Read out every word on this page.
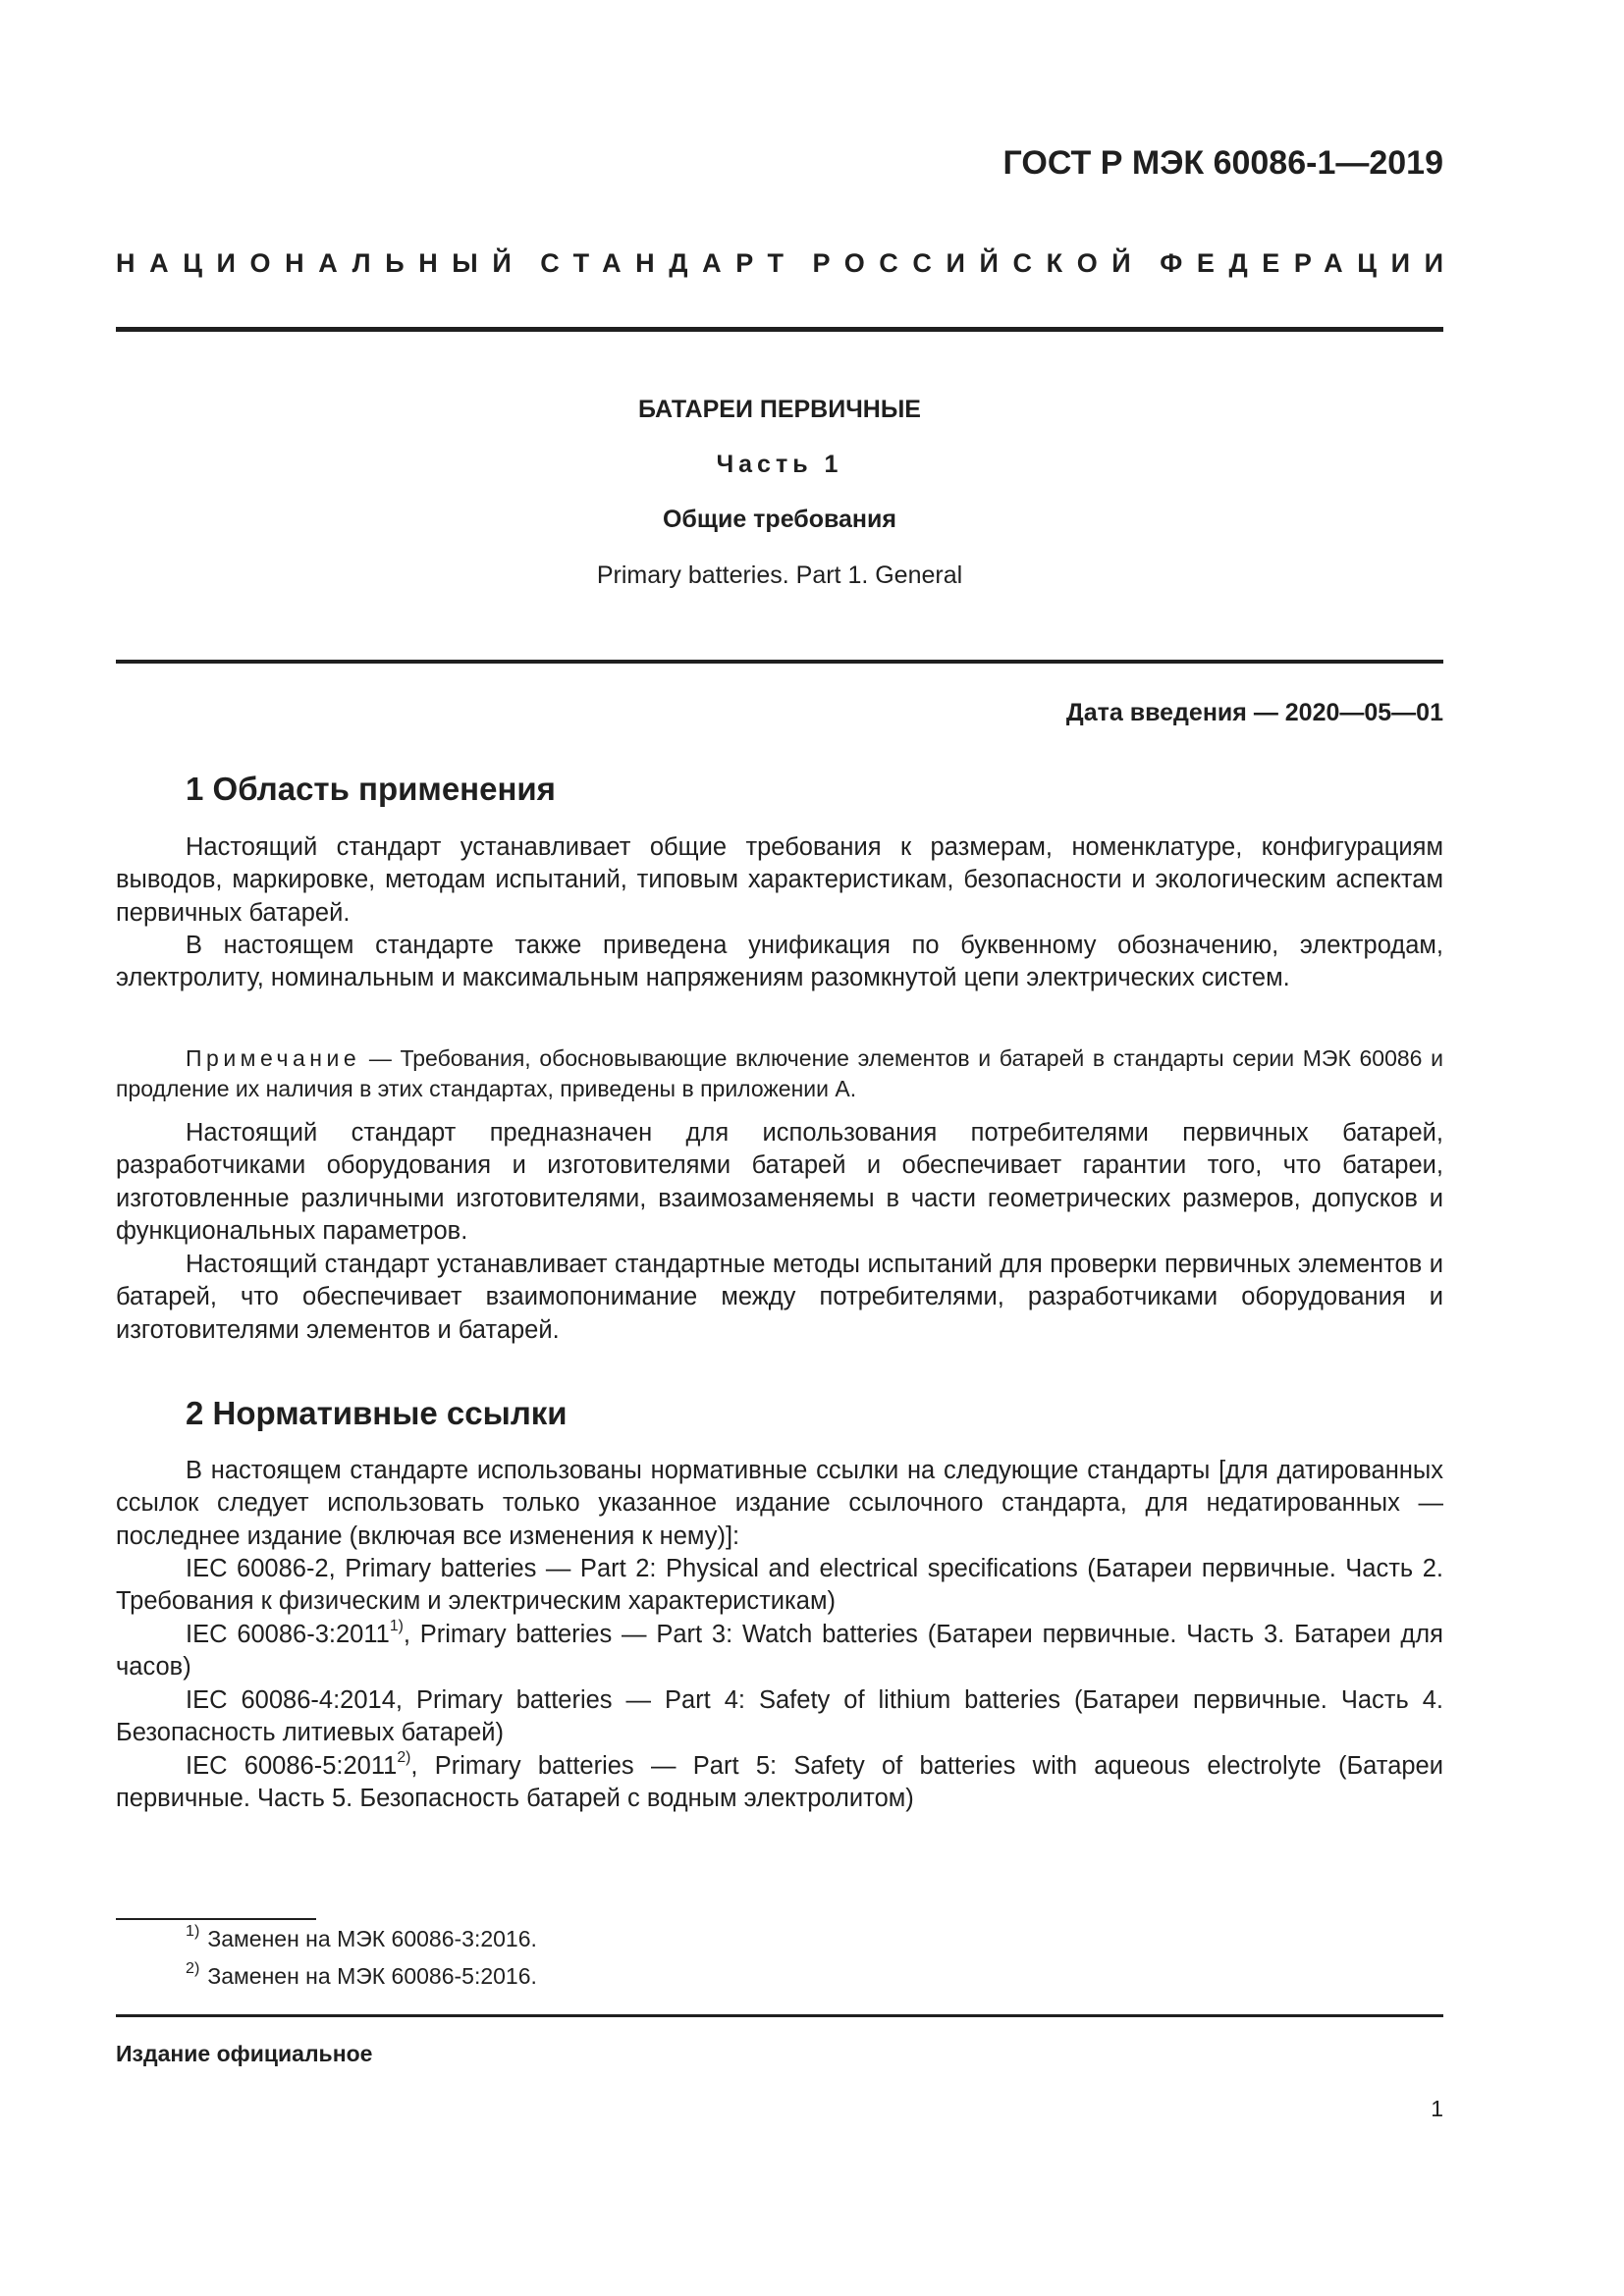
ГОСТ Р МЭК 60086-1—2019
НАЦИОНАЛЬНЫЙ СТАНДАРТ РОССИЙСКОЙ ФЕДЕРАЦИИ
БАТАРЕИ ПЕРВИЧНЫЕ
Часть 1
Общие требования
Primary batteries. Part 1. General
Дата введения — 2020—05—01
1 Область применения

Настоящий стандарт устанавливает общие требования к размерам, номенклатуре, конфигурациям выводов, маркировке, методам испытаний, типовым характеристикам, безопасности и экологическим аспектам первичных батарей.

В настоящем стандарте также приведена унификация по буквенному обозначению, электродам, электролиту, номинальным и максимальным напряжениям разомкнутой цепи электрических систем.

Примечание — Требования, обосновывающие включение элементов и батарей в стандарты серии МЭК 60086 и продление их наличия в этих стандартах, приведены в приложении А.

Настоящий стандарт предназначен для использования потребителями первичных батарей, разработчиками оборудования и изготовителями батарей и обеспечивает гарантии того, что батареи, изготовленные различными изготовителями, взаимозаменяемы в части геометрических размеров, допусков и функциональных параметров.

Настоящий стандарт устанавливает стандартные методы испытаний для проверки первичных элементов и батарей, что обеспечивает взаимопонимание между потребителями, разработчиками оборудования и изготовителями элементов и батарей.

2 Нормативные ссылки

В настоящем стандарте использованы нормативные ссылки на следующие стандарты [для датированных ссылок следует использовать только указанное издание ссылочного стандарта, для недатированных — последнее издание (включая все изменения к нему)]:

IEC 60086-2, Primary batteries — Part 2: Physical and electrical specifications (Батареи первичные. Часть 2. Требования к физическим и электрическим характеристикам)

IEC 60086-3:2011$^{1)}$, Primary batteries — Part 3: Watch batteries (Батареи первичные. Часть 3. Батареи для часов)

IEC 60086-4:2014, Primary batteries — Part 4: Safety of lithium batteries (Батареи первичные. Часть 4. Безопасность литиевых батарей)

IEC 60086-5:2011$^{2)}$, Primary batteries — Part 5: Safety of batteries with aqueous electrolyte (Батареи первичные. Часть 5. Безопасность батарей с водным электролитом)

$^{1)}$ Заменен на МЭК 60086-3:2016.
$^{2)}$ Заменен на МЭК 60086-5:2016.
Издание официальное
1
